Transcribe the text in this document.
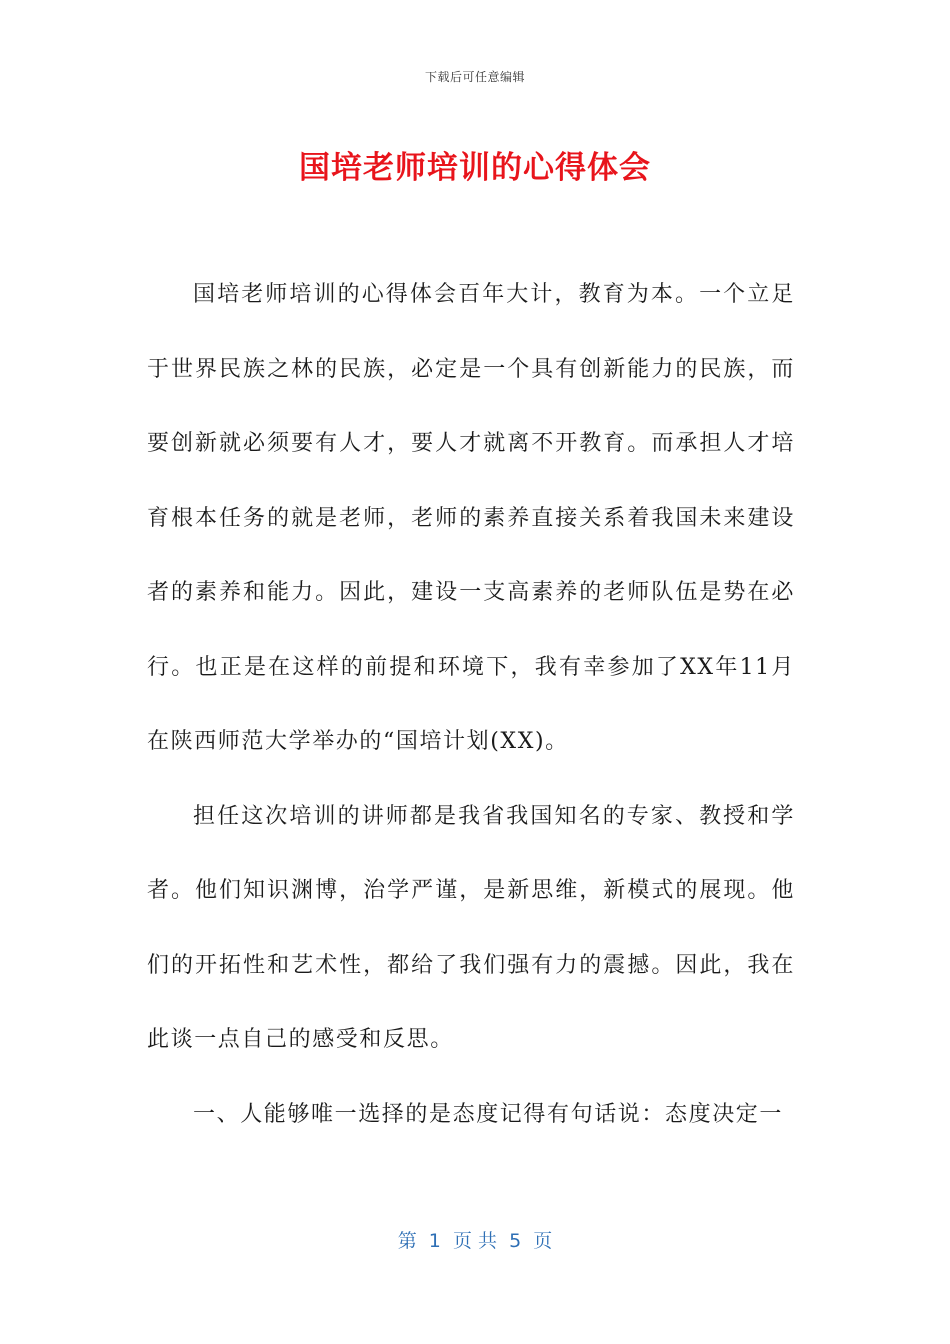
下载后可任意编辑
国培老师培训的心得体会

国培老师培训的心得体会百年大计，教育为本。一个立足于世界民族之林的民族，必定是一个具有创新能力的民族，而要创新就必须要有人才，要人才就离不开教育。而承担人才培育根本任务的就是老师，老师的素养直接关系着我国未来建设者的素养和能力。因此，建设一支高素养的老师队伍是势在必行。也正是在这样的前提和环境下，我有幸参加了XX年11月在陕西师范大学举办的“国培计划(XX)。

担任这次培训的讲师都是我省我国知名的专家、教授和学者。他们知识渊博，治学严谨，是新思维，新模式的展现。他们的开拓性和艺术性，都给了我们强有力的震撼。因此，我在此谈一点自己的感受和反思。

一、人能够唯一选择的是态度记得有句话说：态度决定一

第  1  页 共  5  页
